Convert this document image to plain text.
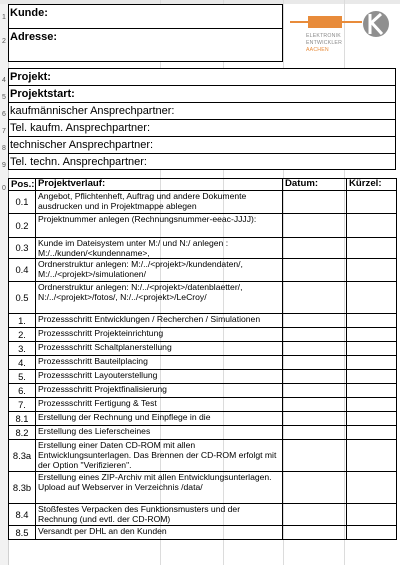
1
2
4
5
6
7
8
9
0
Kunde:
Adresse:	ELEKTRONIK
ENTWICKLER
AACHEN
Projekt:
Projektstart:
kaufmännischer Ansprechpartner:
Tel. kaufm. Ansprechpartner:
technischer Ansprechpartner:
Tel. techn. Ansprechpartner:
Pos.:	Projektverlauf:	Datum:	Kürzel:
0.1	Angebot, Pflichtenheft, Auftrag und andere Dokumente ausdrucken und in Projektmappe ablegen		
0.2	Projektnummer anlegen (Rechnungsnummer-eeac-JJJJ):		
0.3	Kunde im Dateisystem unter M:/ und N:/ anlegen : M:/../kunden/<kundenname>,		
0.4	Ordnerstruktur anlegen: M:/../<projekt>/kundendaten/, M:/../<projekt>/simulationen/		
0.5	Ordnerstruktur anlegen: N:/../<projekt>/datenblaetter/, N:/../<projekt>/fotos/, N:/../<projekt>/LeCroy/		
1.	Prozessschritt Entwicklungen / Recherchen / Simulationen		
2.	Prozessschritt Projekteinrichtung		
3.	Prozessschritt Schaltplanerstellung		
4.	Prozessschritt Bauteilplacing		
5.	Prozessschritt Layouterstellung		
6.	Prozessschritt Projektfinalisierung		
7.	Prozessschritt Fertigung & Test		
8.1	Erstellung der Rechnung und Einpflege in die		
8.2	Erstellung des Lieferscheines		
8.3a	Erstellung einer Daten CD-ROM mit allen Entwicklungsunterlagen. Das Brennen der CD-ROM erfolgt mit der Option "Verifizieren".		
8.3b	Erstellung eines ZIP-Archiv mit allen Entwicklungsunterlagen. Upload auf Webserver in Verzeichnis /data/		
8.4	Stoßfestes Verpacken des Funktionsmusters und der Rechnung (und evtl. der CD-ROM)		
8.5	Versandt per DHL an den Kunden		
